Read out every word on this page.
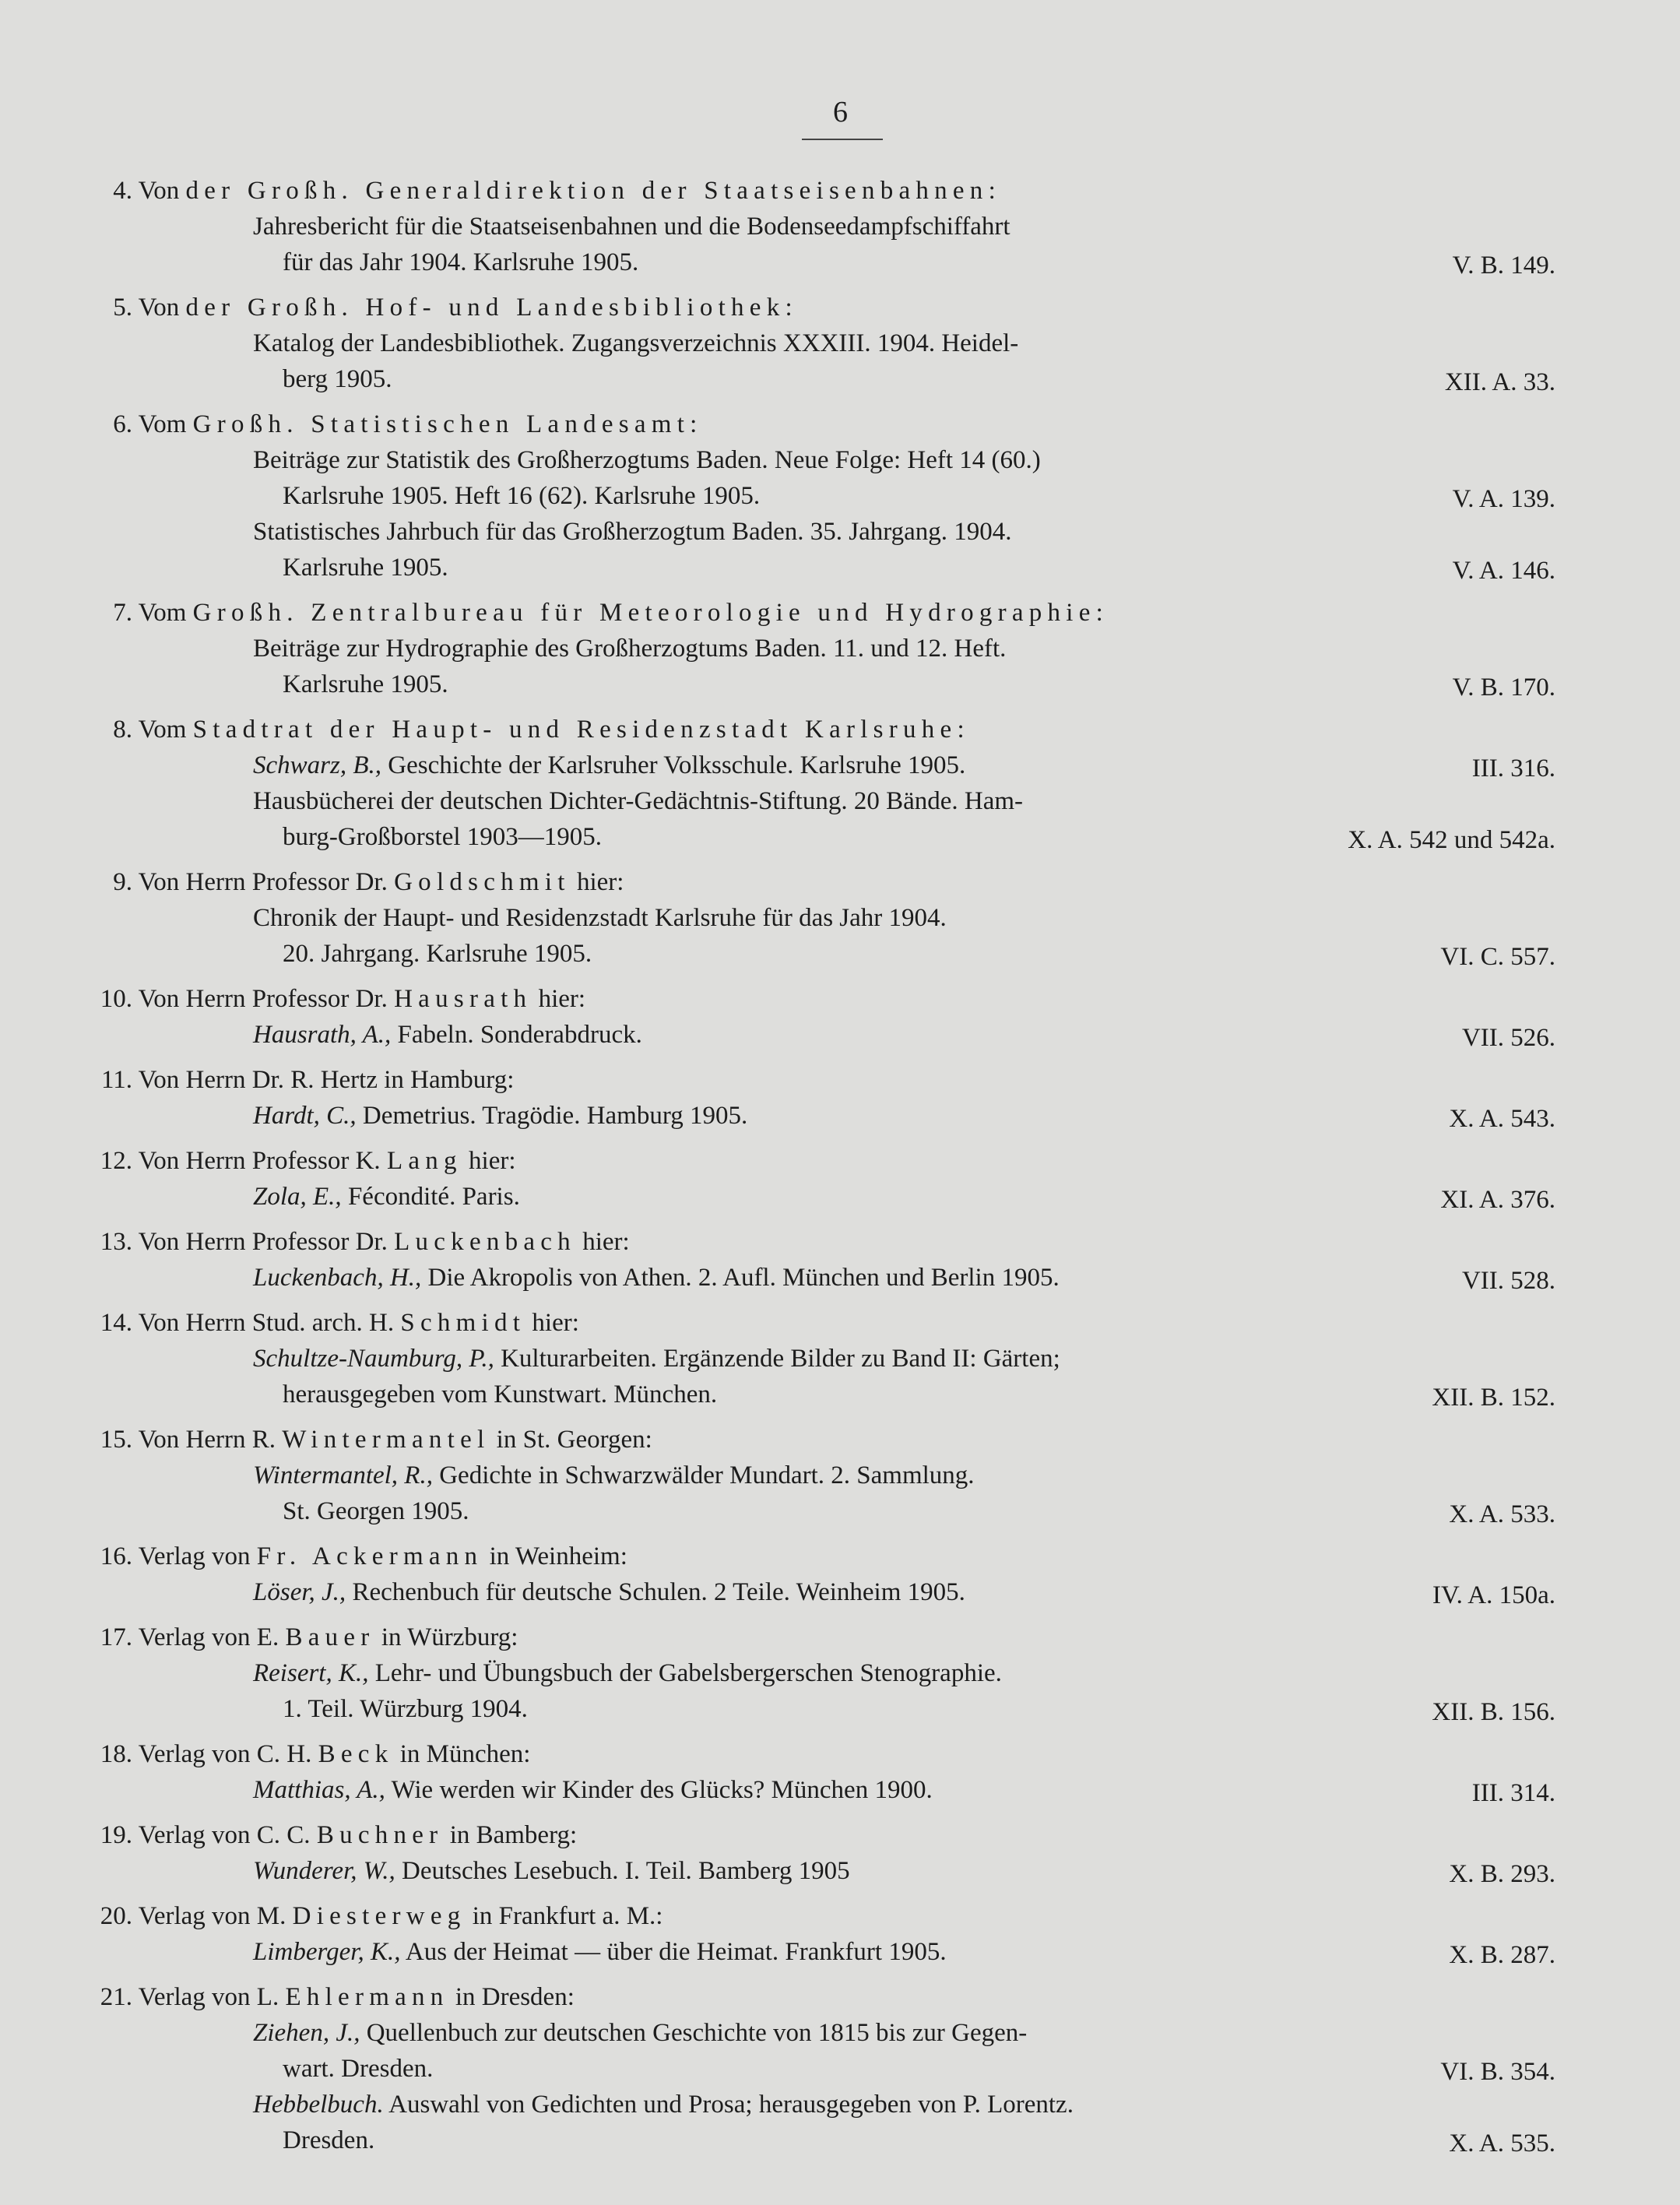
6
4. Von der Großh. Generaldirektion der Staatseisenbahnen:
Jahresbericht für die Staatseisenbahnen und die Bodenseedampfschiffahrt
für das Jahr 1904. Karlsruhe 1905.	V. B. 149.
5. Von der Großh. Hof- und Landesbibliothek:
Katalog der Landesbibliothek. Zugangsverzeichnis XXXIII. 1904. Heidel-
berg 1905.	XII. A. 33.
6. Vom Großh. Statistischen Landesamt:
Beiträge zur Statistik des Großherzogtums Baden. Neue Folge: Heft 14 (60.)
Karlsruhe 1905. Heft 16 (62). Karlsruhe 1905.	V. A. 139.
Statistisches Jahrbuch für das Großherzogtum Baden. 35. Jahrgang. 1904.
Karlsruhe 1905.	V. A. 146.
7. Vom Großh. Zentralbureau für Meteorologie und Hydrographie:
Beiträge zur Hydrographie des Großherzogtums Baden. 11. und 12. Heft.
Karlsruhe 1905.	V. B. 170.
8. Vom Stadtrat der Haupt- und Residenzstadt Karlsruhe:
Schwarz, B., Geschichte der Karlsruher Volksschule. Karlsruhe 1905.	III. 316.
Hausbücherei der deutschen Dichter-Gedächtnis-Stiftung. 20 Bände. Ham-
burg-Großborstel 1903—1905.	X. A. 542 und 542a.
9. Von Herrn Professor Dr. Goldschmit hier:
Chronik der Haupt- und Residenzstadt Karlsruhe für das Jahr 1904.
20. Jahrgang. Karlsruhe 1905.	VI. C. 557.
10. Von Herrn Professor Dr. Hausrath hier:
Hausrath, A., Fabeln. Sonderabdruck.	VII. 526.
11. Von Herrn Dr. R. Hertz in Hamburg:
Hardt, C., Demetrius. Tragödie. Hamburg 1905.	X. A. 543.
12. Von Herrn Professor K. Lang hier:
Zola, E., Fécondité. Paris.	XI. A. 376.
13. Von Herrn Professor Dr. Luckenbach hier:
Luckenbach, H., Die Akropolis von Athen. 2. Aufl. München und Berlin 1905.	VII. 528.
14. Von Herrn Stud. arch. H. Schmidt hier:
Schultze-Naumburg, P., Kulturarbeiten. Ergänzende Bilder zu Band II: Gärten;
herausgegeben vom Kunstwart. München.	XII. B. 152.
15. Von Herrn R. Wintermantel in St. Georgen:
Wintermantel, R., Gedichte in Schwarzwälder Mundart. 2. Sammlung.
St. Georgen 1905.	X. A. 533.
16. Verlag von Fr. Ackermann in Weinheim:
Löser, J., Rechenbuch für deutsche Schulen. 2 Teile. Weinheim 1905.	IV. A. 150a.
17. Verlag von E. Bauer in Würzburg:
Reisert, K., Lehr- und Übungsbuch der Gabelsbergerschen Stenographie.
1. Teil. Würzburg 1904.	XII. B. 156.
18. Verlag von C. H. Beck in München:
Matthias, A., Wie werden wir Kinder des Glücks? München 1900.	III. 314.
19. Verlag von C. C. Buchner in Bamberg:
Wunderer, W., Deutsches Lesebuch. I. Teil. Bamberg 1905	X. B. 293.
20. Verlag von M. Diesterweg in Frankfurt a. M.:
Limberger, K., Aus der Heimat — über die Heimat. Frankfurt 1905.	X. B. 287.
21. Verlag von L. Ehlermann in Dresden:
Ziehen, J., Quellenbuch zur deutschen Geschichte von 1815 bis zur Gegen-
wart. Dresden.	VI. B. 354.
Hebbelbuch. Auswahl von Gedichten und Prosa; herausgegeben von P. Lorentz.
Dresden.	X. A. 535.
